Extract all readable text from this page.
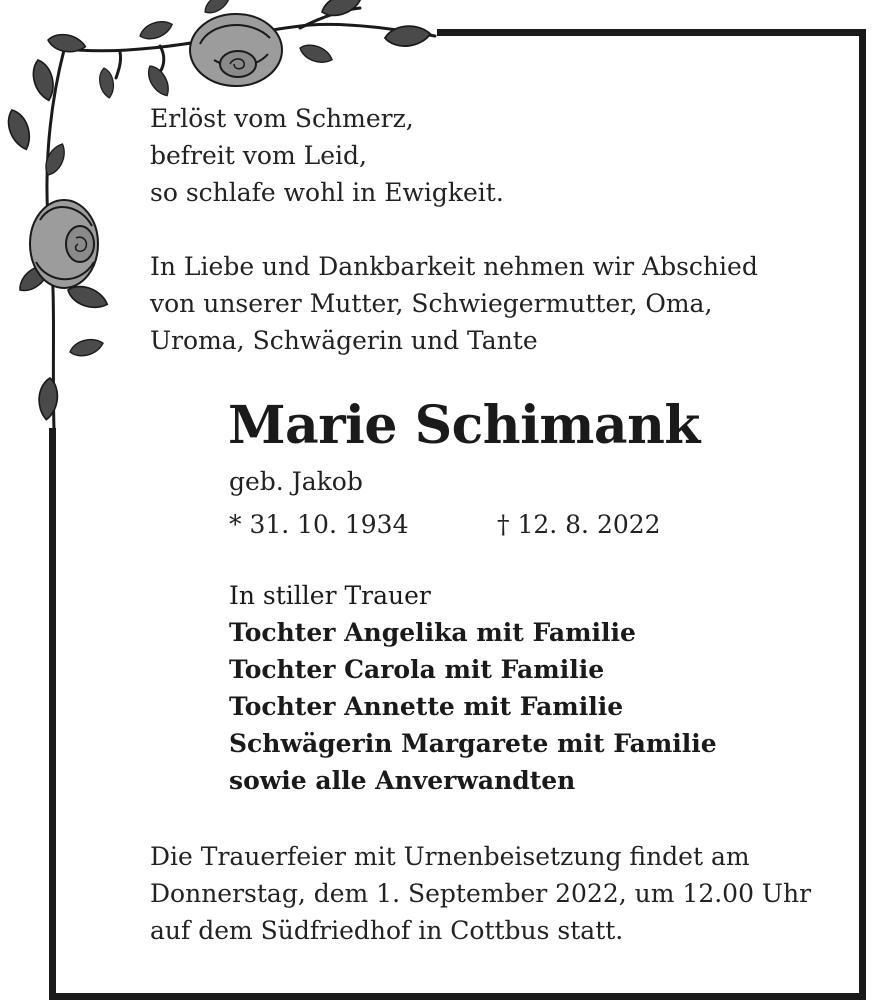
Erlöst vom Schmerz,
befreit vom Leid,
so schlafe wohl in Ewigkeit.
In Liebe und Dankbarkeit nehmen wir Abschied
von unserer Mutter, Schwiegermutter, Oma,
Uroma, Schwägerin und Tante
Marie Schimank
geb. Jakob
* 31. 10. 1934	† 12. 8. 2022
In stiller Trauer
Tochter Angelika mit Familie
Tochter Carola mit Familie
Tochter Annette mit Familie
Schwägerin Margarete mit Familie
sowie alle Anverwandten
Die Trauerfeier mit Urnenbeisetzung findet am
Donnerstag, dem 1. September 2022, um 12.00 Uhr
auf dem Südfriedhof in Cottbus statt.
